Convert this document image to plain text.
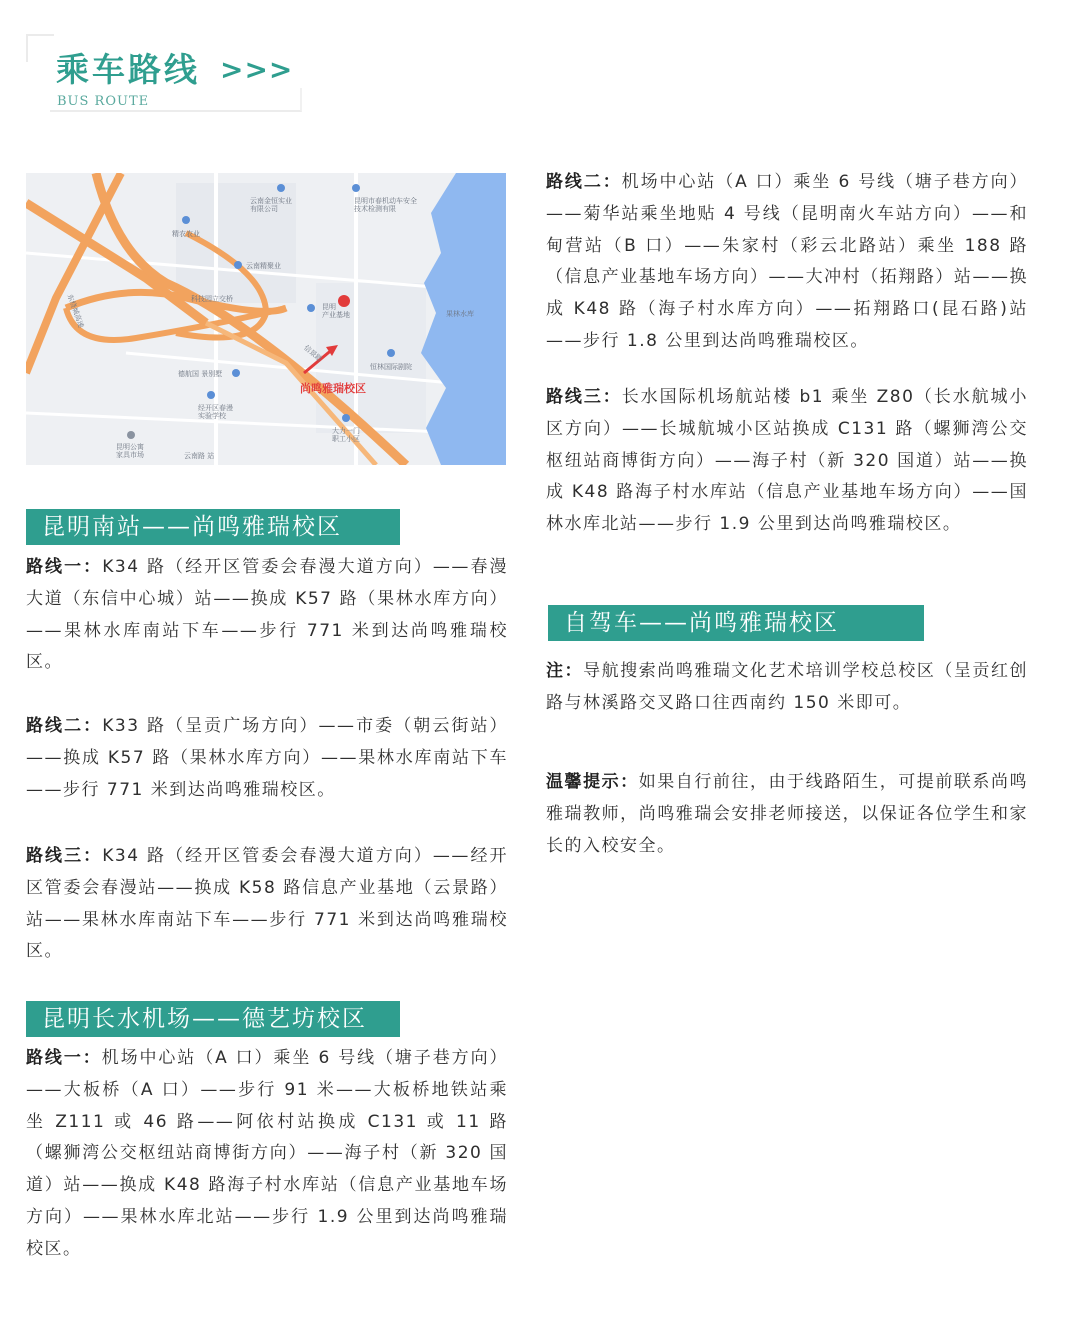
乘车路线 >>>
BUS ROUTE
云南金恒实业
有限公司
昆明市春机动车安全
技术检测有限
精农农业
云南精聚业
科技园立交桥
昆明
产业基地	果林水库
恒林国际剧院
德航国 景别墅
经开区春漫
实验学校
大力一门
职工小区
昆明公寓
家具市场	云南路 站
东绕城高速
信景路
尚鸣雅瑞校区
昆明南站——尚鸣雅瑞校区
路线一：K34 路（经开区管委会春漫大道方向）——春漫大道（东信中心城）站——换成 K57 路（果林水库方向）——果林水库南站下车——步行 771 米到达尚鸣雅瑞校区。
路线二：K33 路（呈贡广场方向）——市委（朝云街站）——换成 K57 路（果林水库方向）——果林水库南站下车——步行 771 米到达尚鸣雅瑞校区。
路线三：K34 路（经开区管委会春漫大道方向）——经开区管委会春漫站——换成 K58 路信息产业基地（云景路）站——果林水库南站下车——步行 771 米到达尚鸣雅瑞校区。
昆明长水机场——德艺坊校区
路线一：机场中心站（A 口）乘坐 6 号线（塘子巷方向）——大板桥（A 口）——步行 91 米——大板桥地铁站乘坐 Z111 或 46 路——阿依村站换成 C131 或 11 路（螺狮湾公交枢纽站商博街方向）——海子村（新 320 国道）站——换成 K48 路海子村水库站（信息产业基地车场方向）——果林水库北站——步行 1.9 公里到达尚鸣雅瑞校区。
路线二：机场中心站（A 口）乘坐 6 号线（塘子巷方向）——菊华站乘坐地贴 4 号线（昆明南火车站方向）——和甸营站（B 口）——朱家村（彩云北路站）乘坐 188 路（信息产业基地车场方向）——大冲村（拓翔路）站——换成 K48 路（海子村水库方向）——拓翔路口(昆石路)站——步行 1.8 公里到达尚鸣雅瑞校区。
路线三：长水国际机场航站楼 b1 乘坐 Z80（长水航城小区方向）——长城航城小区站换成 C131 路（螺狮湾公交枢纽站商博街方向）——海子村（新 320 国道）站——换成 K48 路海子村水库站（信息产业基地车场方向）——国林水库北站——步行 1.9 公里到达尚鸣雅瑞校区。
自驾车——尚鸣雅瑞校区
注：导航搜索尚鸣雅瑞文化艺术培训学校总校区（呈贡红创路与林溪路交叉路口往西南约 150 米即可。
温馨提示：如果自行前往，由于线路陌生，可提前联系尚鸣雅瑞教师，尚鸣雅瑞会安排老师接送，以保证各位学生和家长的入校安全。
